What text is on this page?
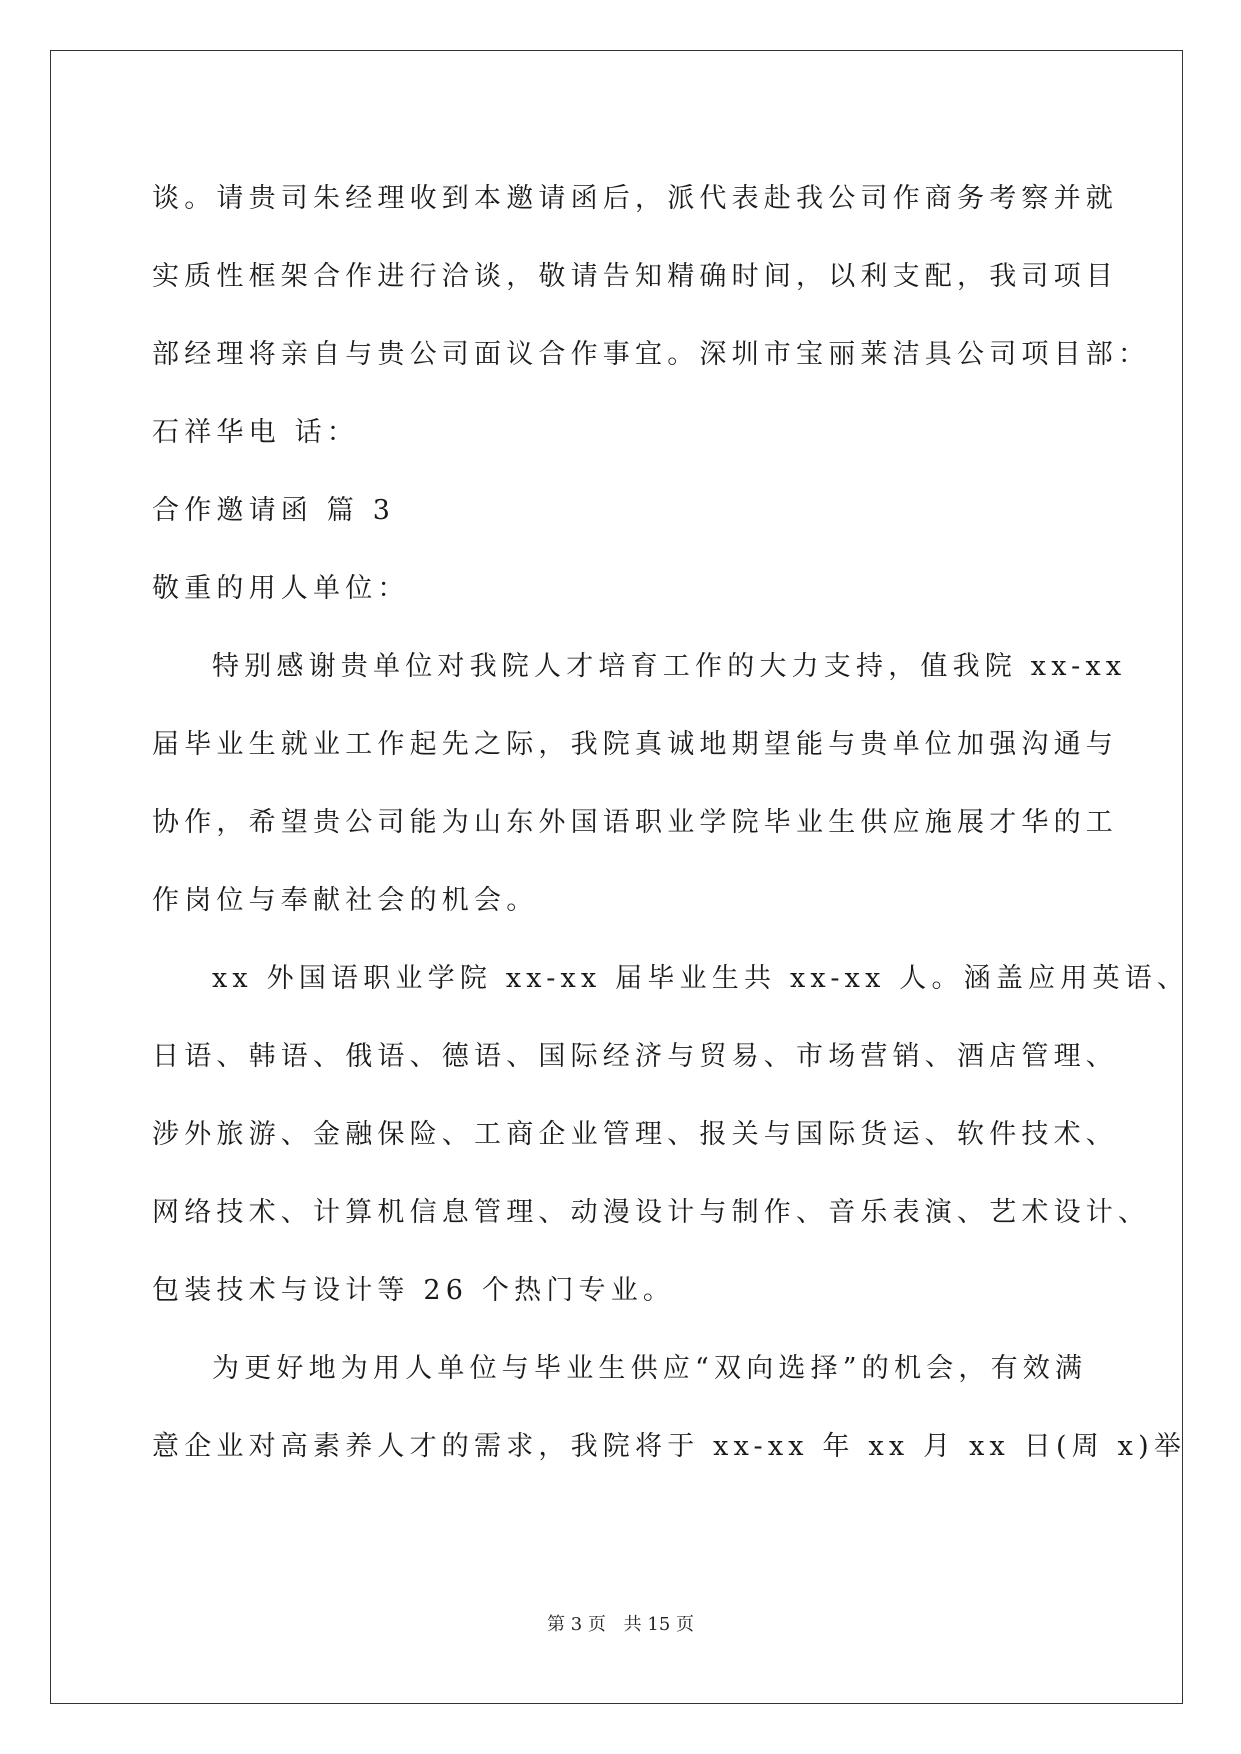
谈。请贵司朱经理收到本邀请函后，派代表赴我公司作商务考察并就
实质性框架合作进行洽谈，敬请告知精确时间，以利支配，我司项目
部经理将亲自与贵公司面议合作事宜。深圳市宝丽莱洁具公司项目部：
石祥华电 话：
合作邀请函 篇 3
敬重的用人单位：
特别感谢贵单位对我院人才培育工作的大力支持，值我院 xx-xx
届毕业生就业工作起先之际，我院真诚地期望能与贵单位加强沟通与
协作，希望贵公司能为山东外国语职业学院毕业生供应施展才华的工
作岗位与奉献社会的机会。
xx 外国语职业学院 xx-xx 届毕业生共 xx-xx 人。涵盖应用英语、
日语、韩语、俄语、德语、国际经济与贸易、市场营销、酒店管理、
涉外旅游、金融保险、工商企业管理、报关与国际货运、软件技术、
网络技术、计算机信息管理、动漫设计与制作、音乐表演、艺术设计、
包装技术与设计等 26 个热门专业。
为更好地为用人单位与毕业生供应“双向选择”的机会，有效满
意企业对高素养人才的需求，我院将于 xx-xx 年 xx 月 xx 日(周 x)举
第 3 页 共 15 页
